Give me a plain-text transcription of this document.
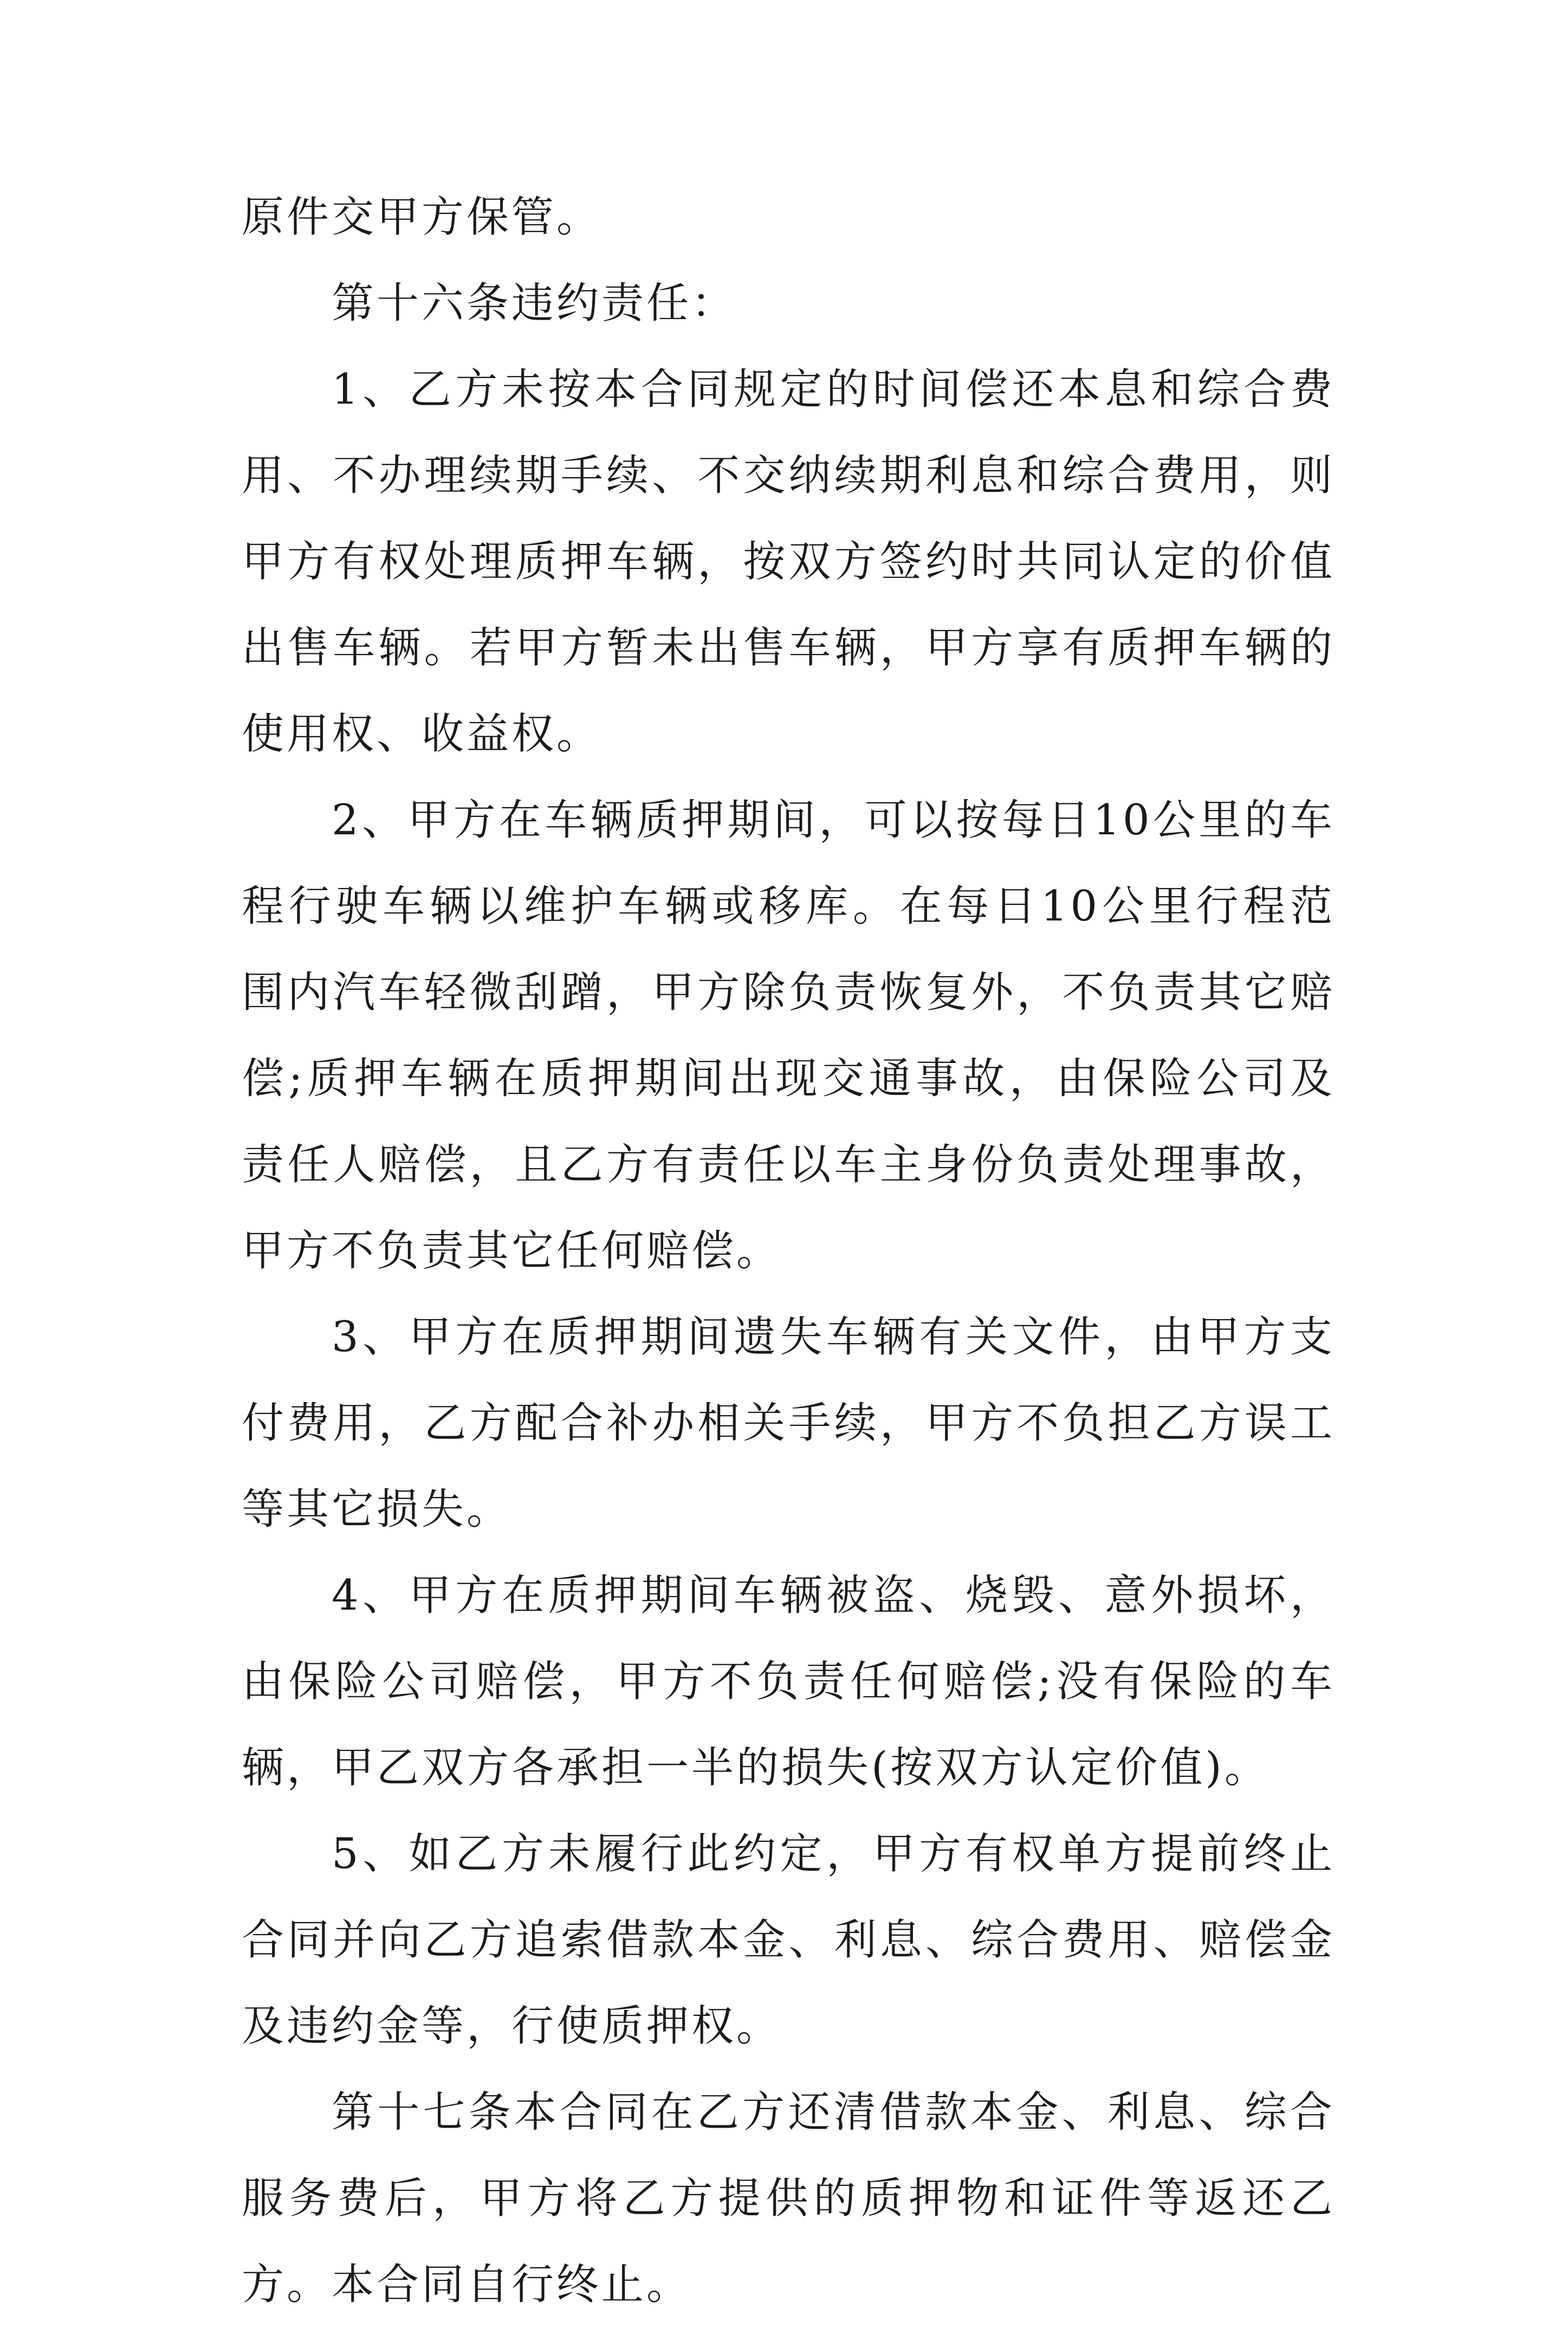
原件交甲方保管。

第十六条违约责任：

1、乙方未按本合同规定的时间偿还本息和综合费用、不办理续期手续、不交纳续期利息和综合费用，则甲方有权处理质押车辆，按双方签约时共同认定的价值出售车辆。若甲方暂未出售车辆，甲方享有质押车辆的使用权、收益权。

2、甲方在车辆质押期间，可以按每日10公里的车程行驶车辆以维护车辆或移库。在每日10公里行程范围内汽车轻微刮蹭，甲方除负责恢复外，不负责其它赔偿;质押车辆在质押期间出现交通事故，由保险公司及责任人赔偿，且乙方有责任以车主身份负责处理事故，甲方不负责其它任何赔偿。

3、甲方在质押期间遗失车辆有关文件，由甲方支付费用，乙方配合补办相关手续，甲方不负担乙方误工等其它损失。

4、甲方在质押期间车辆被盗、烧毁、意外损坏，由保险公司赔偿，甲方不负责任何赔偿;没有保险的车辆，甲乙双方各承担一半的损失(按双方认定价值)。

5、如乙方未履行此约定，甲方有权单方提前终止合同并向乙方追索借款本金、利息、综合费用、赔偿金及违约金等，行使质押权。

第十七条本合同在乙方还清借款本金、利息、综合服务费后，甲方将乙方提供的质押物和证件等返还乙方。本合同自行终止。
